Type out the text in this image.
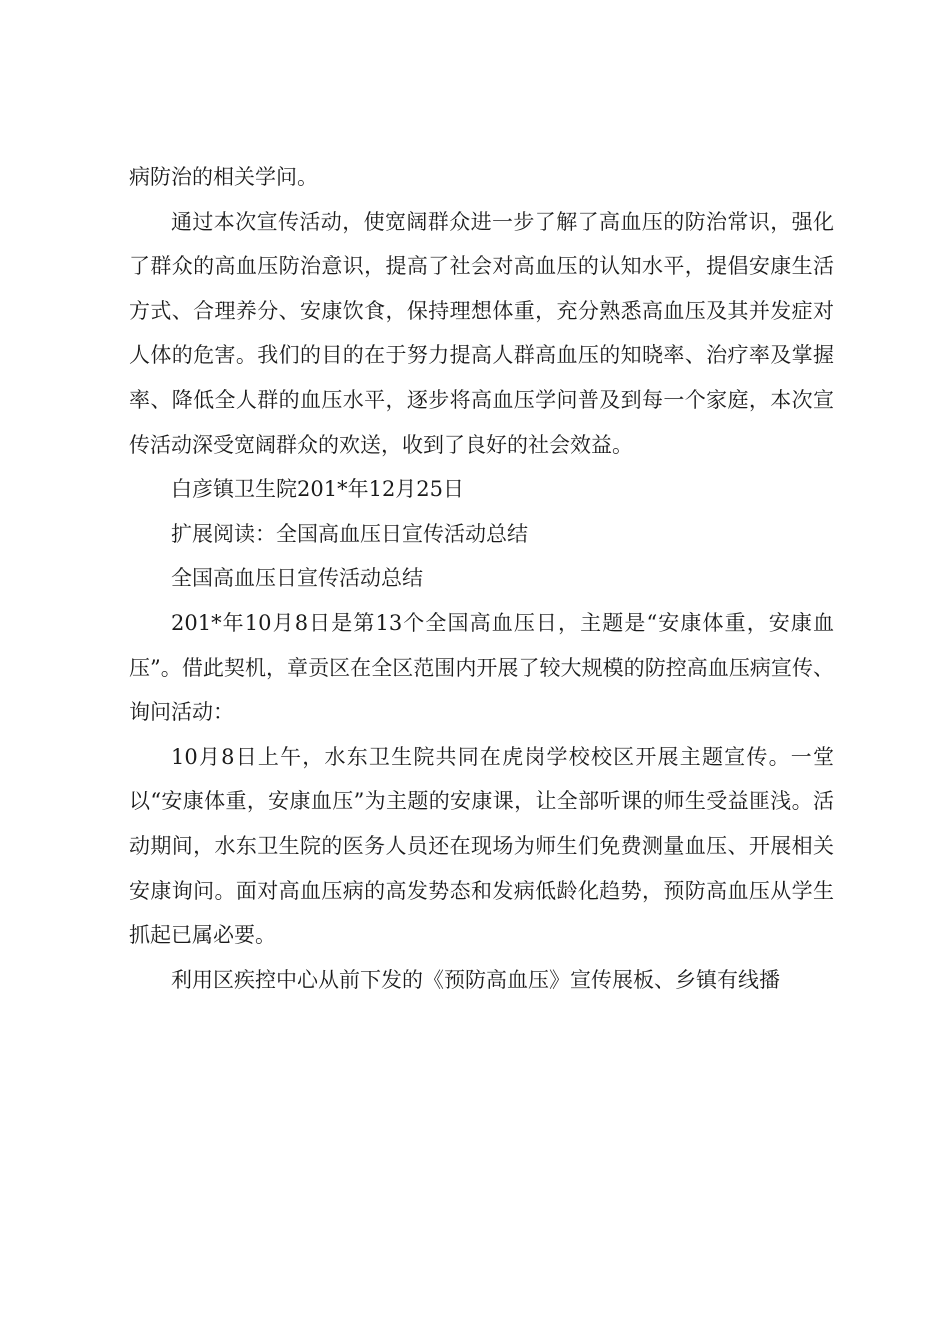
病防治的相关学问。

通过本次宣传活动，使宽阔群众进一步了解了高血压的防治常识，强化了群众的高血压防治意识，提高了社会对高血压的认知水平，提倡安康生活方式、合理养分、安康饮食，保持理想体重，充分熟悉高血压及其并发症对人体的危害。我们的目的在于努力提高人群高血压的知晓率、治疗率及掌握率、降低全人群的血压水平，逐步将高血压学问普及到每一个家庭，本次宣传活动深受宽阔群众的欢送，收到了良好的社会效益。

白彦镇卫生院201*年12月25日

扩展阅读：全国高血压日宣传活动总结

全国高血压日宣传活动总结

201*年10月8日是第13个全国高血压日，主题是“安康体重，安康血压”。借此契机，章贡区在全区范围内开展了较大规模的防控高血压病宣传、询问活动：

10月8日上午，水东卫生院共同在虎岗学校校区开展主题宣传。一堂以“安康体重，安康血压”为主题的安康课，让全部听课的师生受益匪浅。活动期间，水东卫生院的医务人员还在现场为师生们免费测量血压、开展相关安康询问。面对高血压病的高发势态和发病低龄化趋势，预防高血压从学生抓起已属必要。

利用区疾控中心从前下发的《预防高血压》宣传展板、乡镇有线播
